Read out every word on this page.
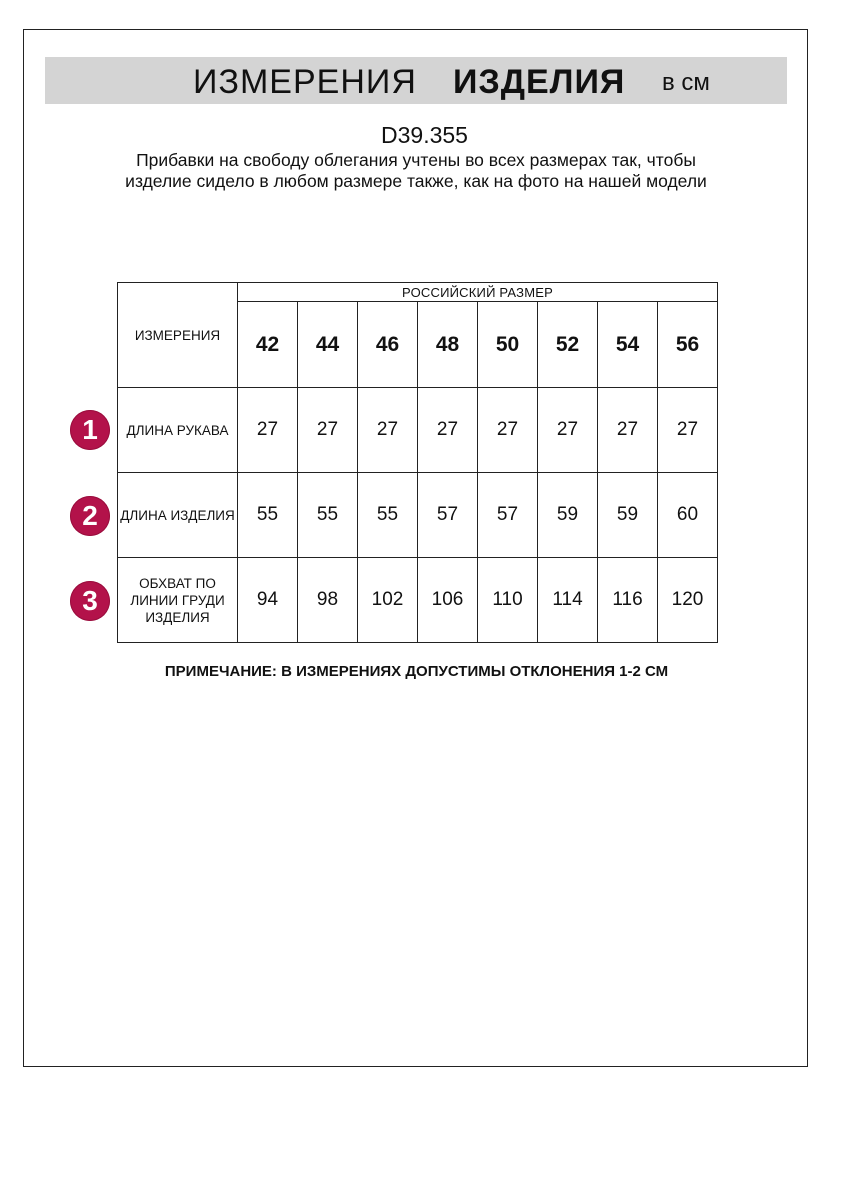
ИЗМЕРЕНИЯ ИЗДЕЛИЯ в см
D39.355
Прибавки на свободу облегания учтены во всех размерах так, чтобы изделие сидело в любом размере также, как на фото на нашей модели
ИЗМЕРЕНИЯ	РОССИЙСКИЙ РАЗМЕР							
	42	44	46	48	50	52	54	56
ДЛИНА РУКАВА	27	27	27	27	27	27	27	27
ДЛИНА ИЗДЕЛИЯ	55	55	55	57	57	59	59	60
ОБХВАТ ПО ЛИНИИ ГРУДИ ИЗДЕЛИЯ	94	98	102	106	110	114	116	120
1
2
3
ПРИМЕЧАНИЕ: В ИЗМЕРЕНИЯХ ДОПУСТИМЫ ОТКЛОНЕНИЯ 1-2 СМ
